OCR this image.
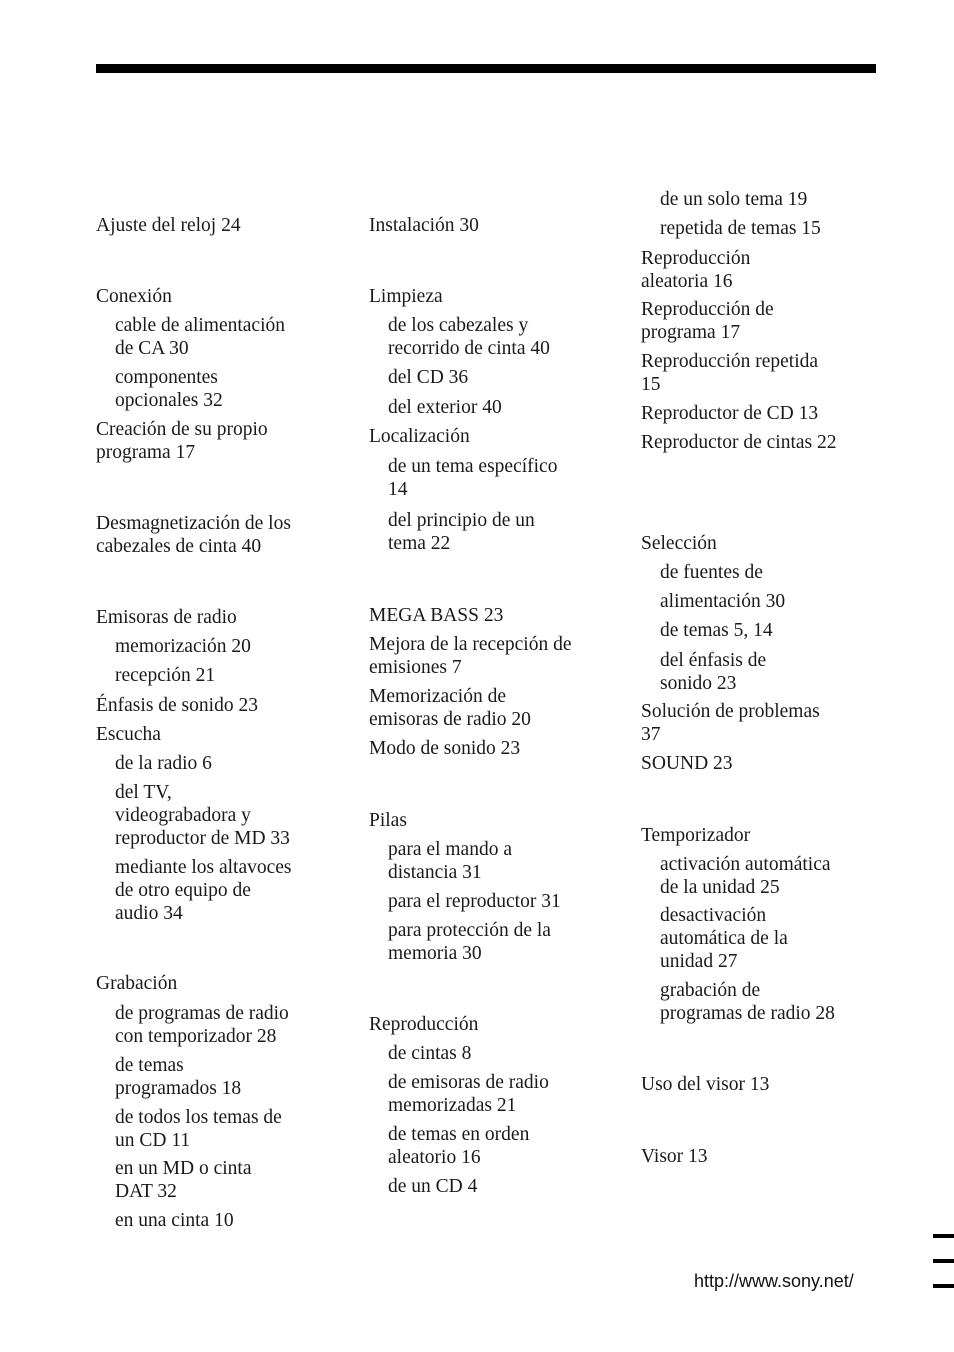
Ajuste del reloj 24
Conexión
cable de alimentación
de CA 30
componentes
opcionales 32
Creación de su propio
programa 17
Desmagnetización de los
cabezales de cinta 40
Emisoras de radio
memorización 20
recepción 21
Énfasis de sonido 23
Escucha
de la radio 6
del TV,
videograbadora y
reproductor de MD 33
mediante los altavoces
de otro equipo de
audio 34
Grabación
de programas de radio
con temporizador 28
de temas
programados 18
de todos los temas de
un CD 11
en un MD o cinta
DAT 32
en una cinta 10
Instalación 30
Limpieza
de los cabezales y
recorrido de cinta 40
del CD 36
del exterior 40
Localización
de un tema específico
14
del principio de un
tema 22
MEGA BASS 23
Mejora de la recepción de
emisiones 7
Memorización de
emisoras de radio 20
Modo de sonido 23
Pilas
para el mando a
distancia 31
para el reproductor 31
para protección de la
memoria 30
Reproducción
de cintas 8
de emisoras de radio
memorizadas 21
de temas en orden
aleatorio 16
de un CD 4
de un solo tema 19
repetida de temas 15
Reproducción
aleatoria 16
Reproducción de
programa 17
Reproducción repetida
15
Reproductor de CD 13
Reproductor de cintas 22
Selección
de fuentes de
alimentación 30
de temas 5, 14
del énfasis de
sonido 23
Solución de problemas
37
SOUND 23
Temporizador
activación automática
de la unidad 25
desactivación
automática de la
unidad 27
grabación de
programas de radio 28
Uso del visor 13
Visor 13
http://www.sony.net/
